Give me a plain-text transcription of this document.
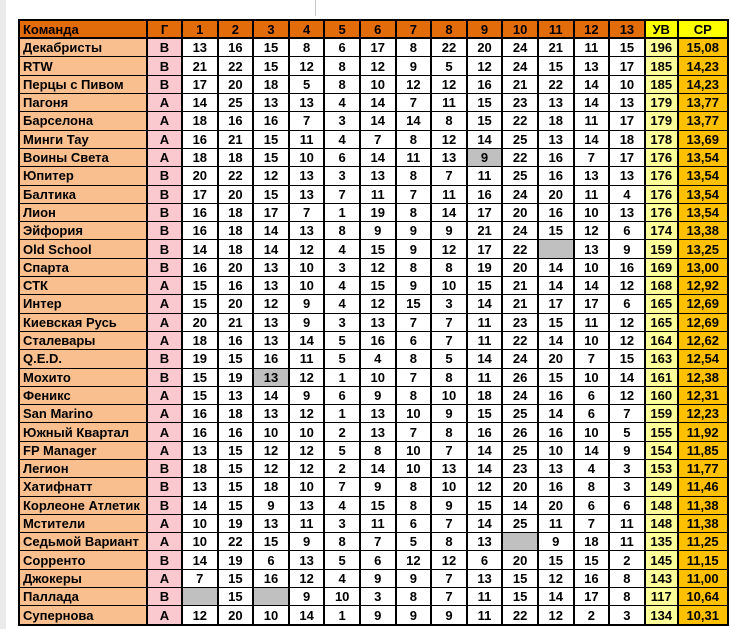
Команда	Г	1	2	3	4	5	6	7	8	9	10	11	12	13	УВ	СР
Декабристы	В	13	16	15	8	6	17	8	22	20	24	21	11	15	196	15,08
RTW	В	21	22	15	12	8	12	9	5	12	24	15	13	17	185	14,23
Перцы с Пивом	В	17	20	18	5	8	10	12	12	16	21	22	14	10	185	14,23
Пагоня	А	14	25	13	13	4	14	7	11	15	23	13	14	13	179	13,77
Барселона	А	18	16	16	7	3	14	14	8	15	22	18	11	17	179	13,77
Минги Тау	А	16	21	15	11	4	7	8	12	14	25	13	14	18	178	13,69
Воины Света	А	18	18	15	10	6	14	11	13	9	22	16	7	17	176	13,54
Юпитер	В	20	22	12	13	3	13	8	7	11	25	16	13	13	176	13,54
Балтика	В	17	20	15	13	7	11	7	11	16	24	20	11	4	176	13,54
Лион	В	16	18	17	7	1	19	8	14	17	20	16	10	13	176	13,54
Эйфория	В	16	18	14	13	8	9	9	9	21	24	15	12	6	174	13,38
Old School	В	14	18	14	12	4	15	9	12	17	22		13	9	159	13,25
Спарта	В	16	20	13	10	3	12	8	8	19	20	14	10	16	169	13,00
СТК	А	15	16	13	10	4	15	9	10	15	21	14	14	12	168	12,92
Интер	А	15	20	12	9	4	12	15	3	14	21	17	17	6	165	12,69
Киевская Русь	А	20	21	13	9	3	13	7	7	11	23	15	11	12	165	12,69
Сталевары	А	18	16	13	14	5	16	6	7	11	22	14	10	12	164	12,62
Q.E.D.	В	19	15	16	11	5	4	8	5	14	24	20	7	15	163	12,54
Мохито	В	15	19	13	12	1	10	7	8	11	26	15	10	14	161	12,38
Феникс	А	15	13	14	9	6	9	8	10	18	24	16	6	12	160	12,31
San Marino	А	16	18	13	12	1	13	10	9	15	25	14	6	7	159	12,23
Южный Квартал	А	16	16	10	10	2	13	7	8	16	26	16	10	5	155	11,92
FP Manager	А	13	15	12	12	5	8	10	7	14	25	10	14	9	154	11,85
Легион	В	18	15	12	12	2	14	10	13	14	23	13	4	3	153	11,77
Хатифнатт	В	13	15	18	10	7	9	8	10	12	20	16	8	3	149	11,46
Корлеоне Атлетик	В	14	15	9	13	4	15	8	9	15	14	20	6	6	148	11,38
Мстители	А	10	19	13	11	3	11	6	7	14	25	11	7	11	148	11,38
Седьмой Вариант	А	10	22	15	9	8	7	5	8	13		9	18	11	135	11,25
Сорренто	В	14	19	6	13	5	6	12	12	6	20	15	15	2	145	11,15
Джокеры	А	7	15	16	12	4	9	9	7	13	15	12	16	8	143	11,00
Паллада	В		15		9	10	3	8	7	11	15	14	17	8	117	10,64
Супернова	А	12	20	10	14	1	9	9	9	11	22	12	2	3	134	10,31
